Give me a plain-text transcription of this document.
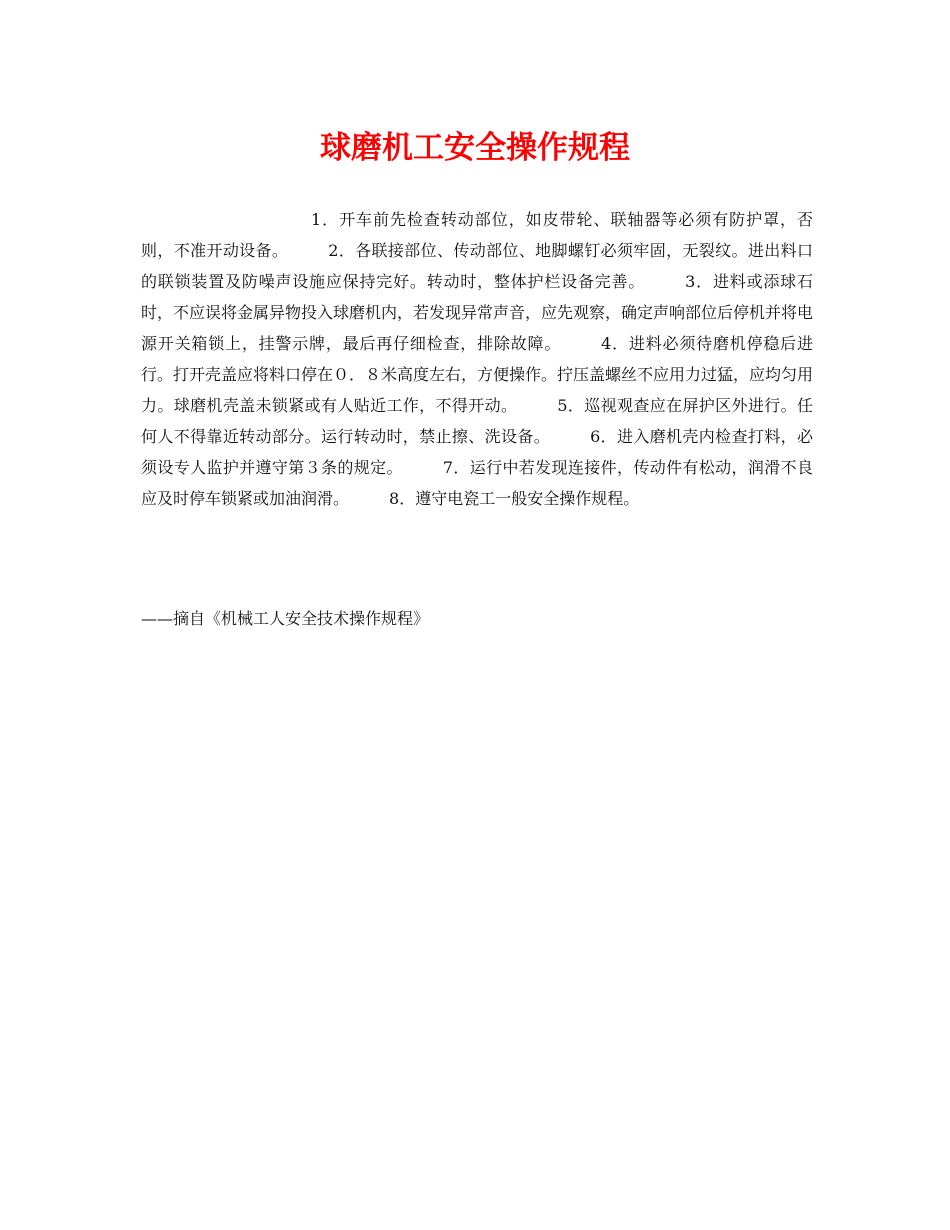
球磨机工安全操作规程

1．开车前先检查转动部位，如皮带轮、联轴器等必须有防护罩，否则，不准开动设备。	2．各联接部位、传动部位、地脚螺钉必须牢固，无裂纹。进出料口的联锁装置及防噪声设施应保持完好。转动时，整体护栏设备完善。	3．进料或添球石时，不应误将金属异物投入球磨机内，若发现异常声音，应先观察，确定声响部位后停机并将电源开关箱锁上，挂警示牌，最后再仔细检查，排除故障。	4．进料必须待磨机停稳后进行。打开壳盖应将料口停在０．８米高度左右，方便操作。拧压盖螺丝不应用力过猛，应均匀用力。球磨机壳盖未锁紧或有人贴近工作，不得开动。	5．巡视观查应在屏护区外进行。任何人不得靠近转动部分。运行转动时，禁止擦、洗设备。	6．进入磨机壳内检查打料，必须设专人监护并遵守第３条的规定。	7．运行中若发现连接件，传动件有松动，润滑不良应及时停车锁紧或加油润滑。	8．遵守电瓷工一般安全操作规程。

——摘自《机械工人安全技术操作规程》
